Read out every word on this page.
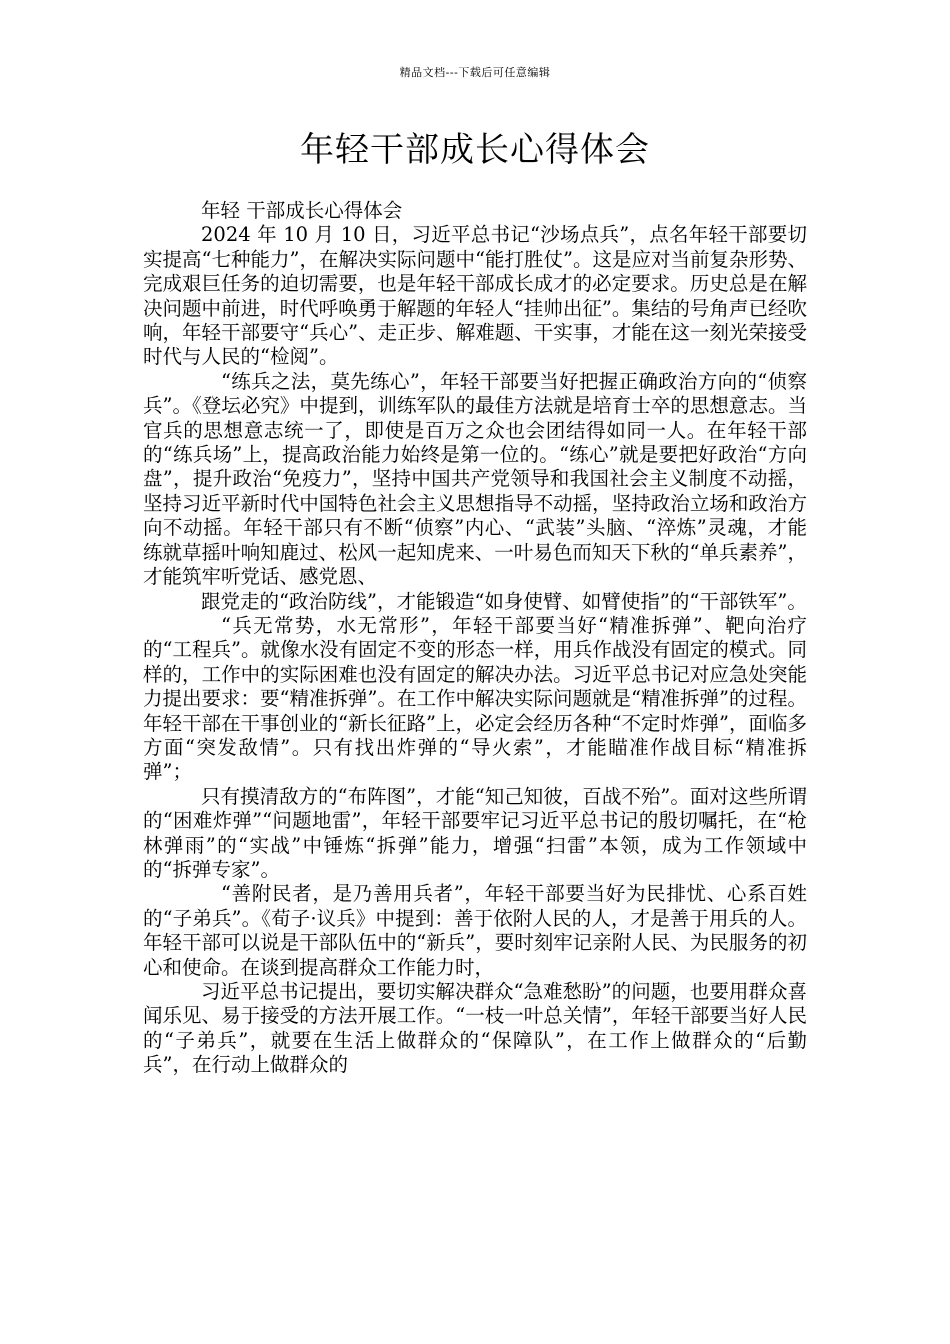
精品文档---下载后可任意编辑
年轻干部成长心得体会

年轻 干部成长心得体会

2024 年 10 月 10 日，习近平总书记“沙场点兵”，点名年轻干部要切实提高“七种能力”，在解决实际问题中“能打胜仗”。这是应对当前复杂形势、完成艰巨任务的迫切需要，也是年轻干部成长成才的必定要求。历史总是在解决问题中前进，时代呼唤勇于解题的年轻人“挂帅出征”。集结的号角声已经吹响，年轻干部要守“兵心”、走正步、解难题、干实事，才能在这一刻光荣接受时代与人民的“检阅”。

“练兵之法，莫先练心”，年轻干部要当好把握正确政治方向的“侦察兵”。《登坛必究》中提到，训练军队的最佳方法就是培育士卒的思想意志。当官兵的思想意志统一了，即使是百万之众也会团结得如同一人。在年轻干部的“练兵场”上，提高政治能力始终是第一位的。“练心”就是要把好政治“方向盘”，提升政治“免疫力”，坚持中国共产党领导和我国社会主义制度不动摇，坚持习近平新时代中国特色社会主义思想指导不动摇，坚持政治立场和政治方向不动摇。年轻干部只有不断“侦察”内心、“武装”头脑、“淬炼”灵魂，才能练就草摇叶响知鹿过、松风一起知虎来、一叶易色而知天下秋的“单兵素养”，才能筑牢听党话、感党恩、

跟党走的“政治防线”，才能锻造“如身使臂、如臂使指”的“干部铁军”。

“兵无常势，水无常形”，年轻干部要当好“精准拆弹”、靶向治疗的“工程兵”。就像水没有固定不变的形态一样，用兵作战没有固定的模式。同样的，工作中的实际困难也没有固定的解决办法。习近平总书记对应急处突能力提出要求：要“精准拆弹”。在工作中解决实际问题就是“精准拆弹”的过程。年轻干部在干事创业的“新长征路”上，必定会经历各种“不定时炸弹”，面临多方面“突发敌情”。只有找出炸弹的“导火索”，才能瞄准作战目标“精准拆弹”；

只有摸清敌方的“布阵图”，才能“知己知彼，百战不殆”。面对这些所谓的“困难炸弹”“问题地雷”，年轻干部要牢记习近平总书记的殷切嘱托，在“枪林弹雨”的“实战”中锤炼“拆弹”能力，增强“扫雷”本领，成为工作领域中的“拆弹专家”。

“善附民者，是乃善用兵者”，年轻干部要当好为民排忧、心系百姓的“子弟兵”。《荀子·议兵》中提到：善于依附人民的人，才是善于用兵的人。年轻干部可以说是干部队伍中的“新兵”，要时刻牢记亲附人民、为民服务的初心和使命。在谈到提高群众工作能力时，

习近平总书记提出，要切实解决群众“急难愁盼”的问题，也要用群众喜闻乐见、易于接受的方法开展工作。“一枝一叶总关情”，年轻干部要当好人民的“子弟兵”，就要在生活上做群众的“保障队”，在工作上做群众的“后勤兵”，在行动上做群众的
